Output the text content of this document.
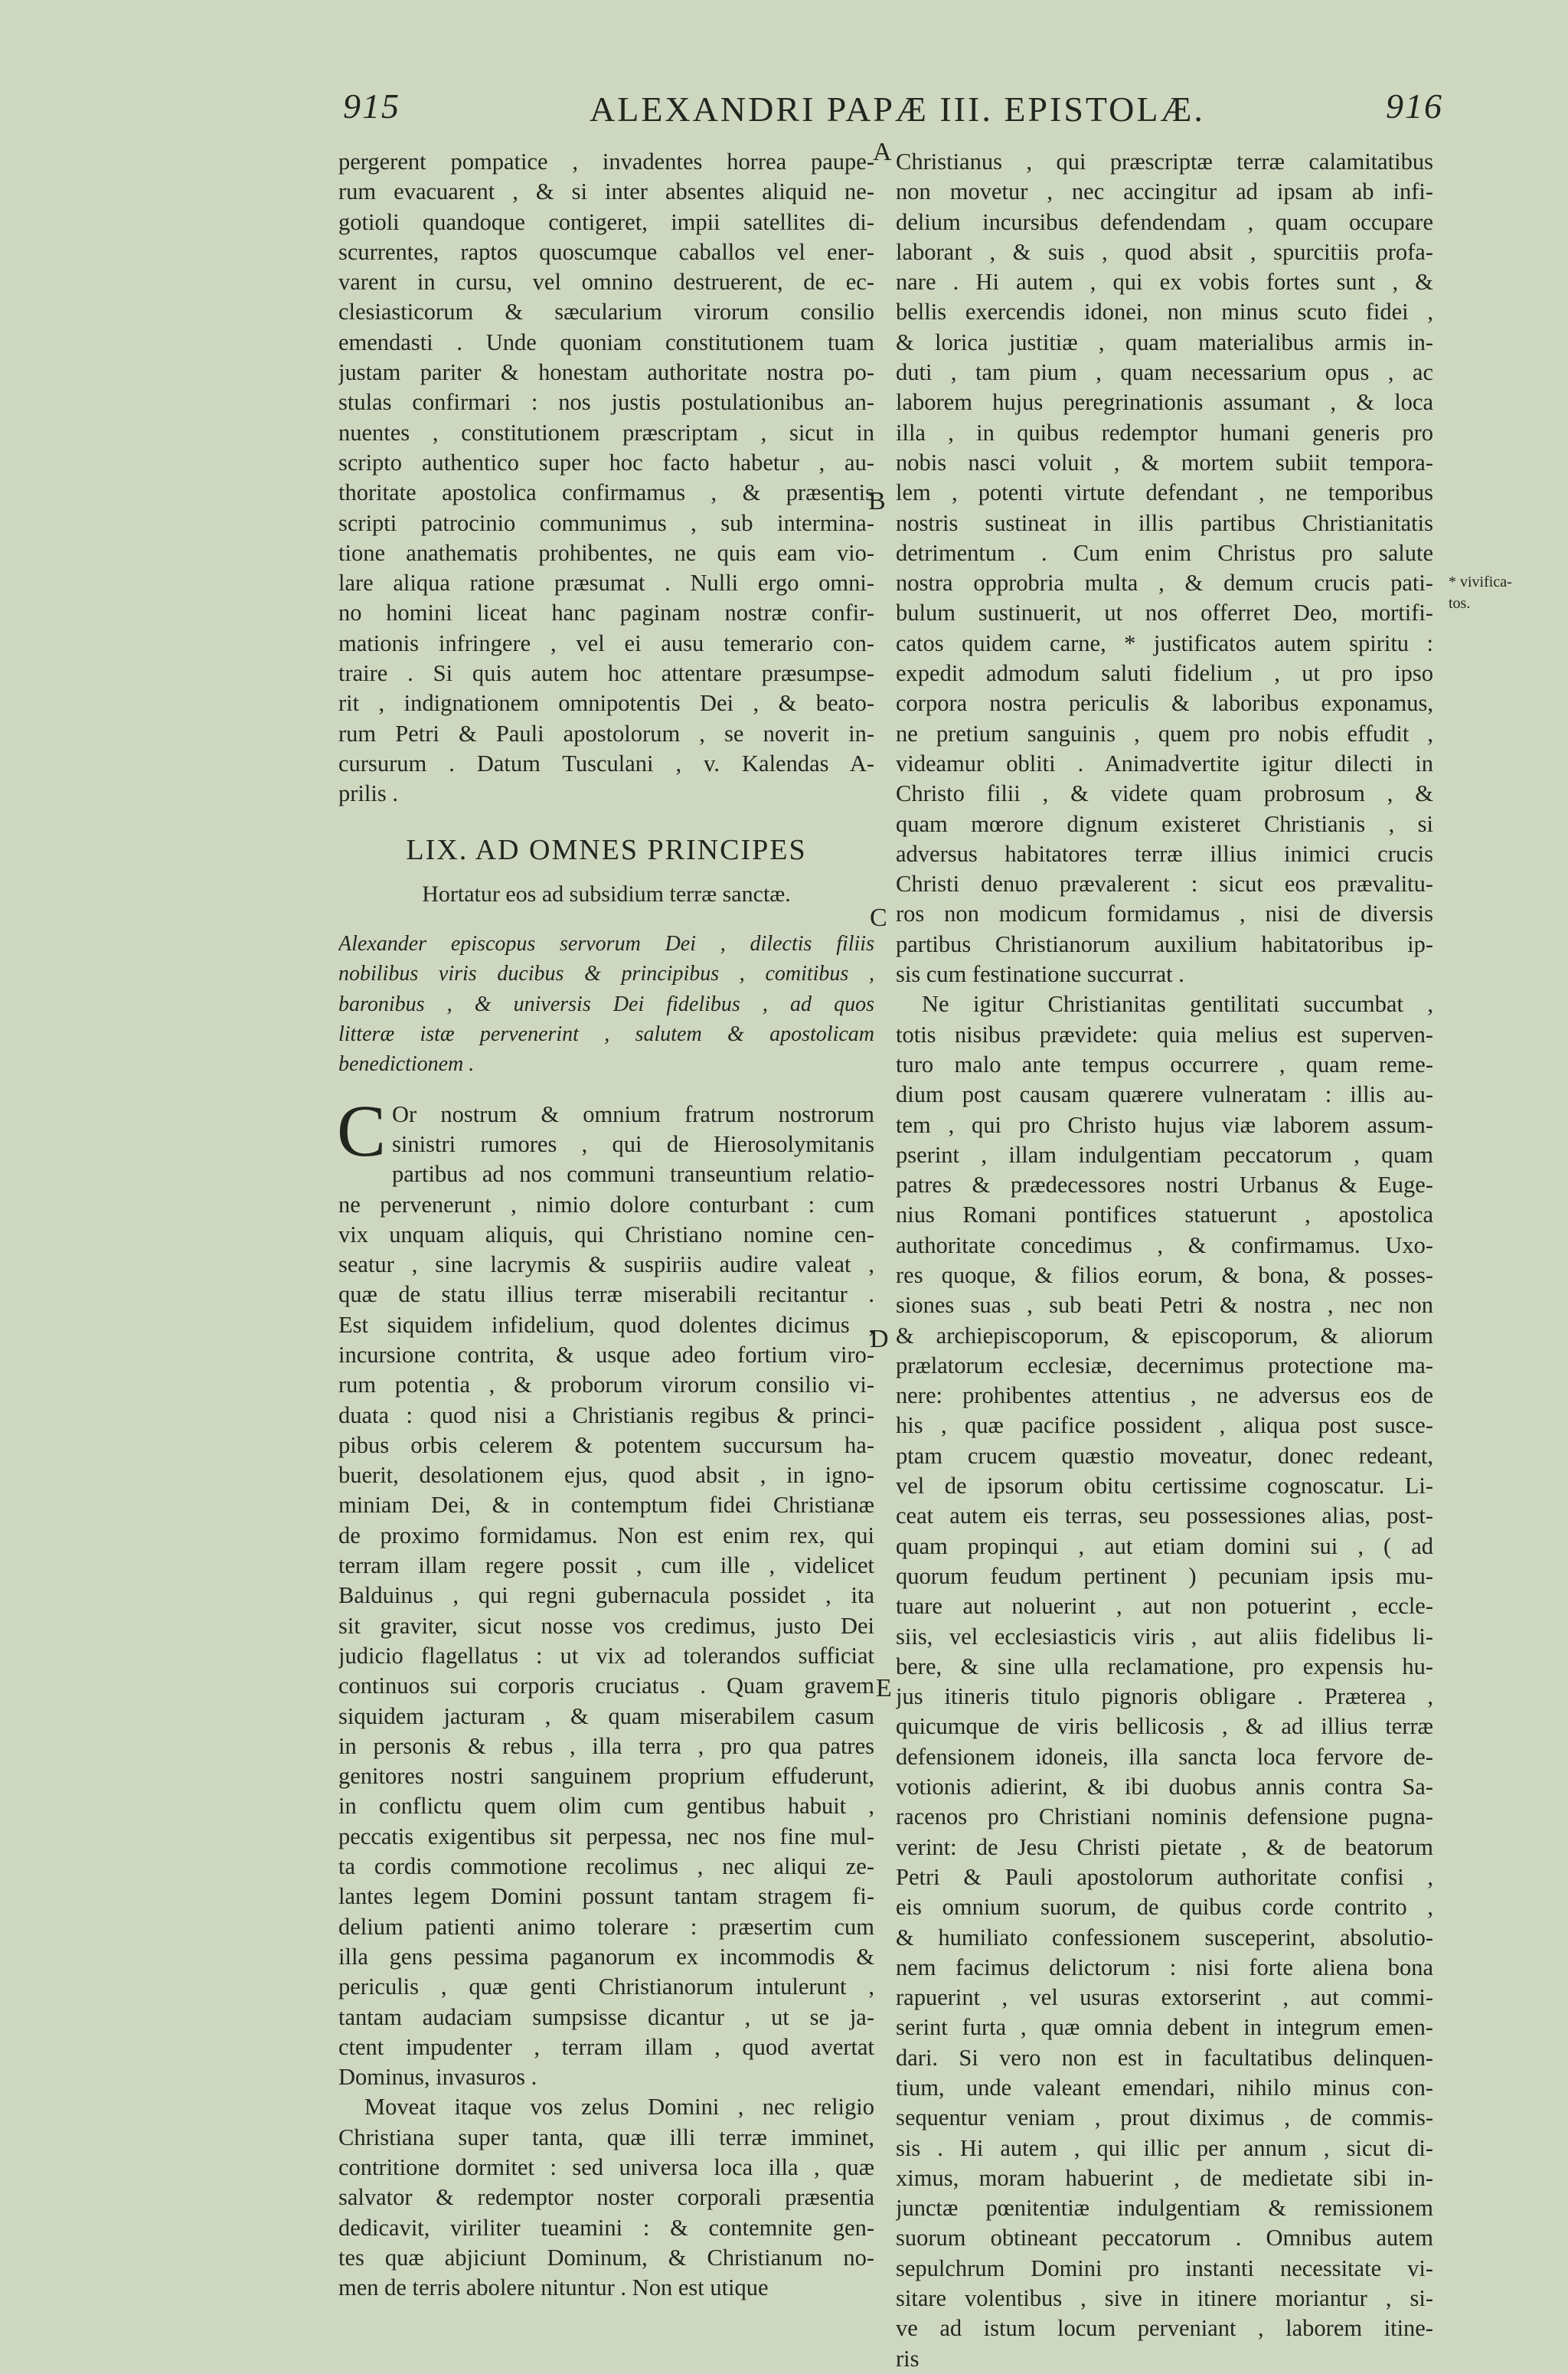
915	ALEXANDRI PAPÆ III. EPISTOLÆ.	916
A
B
C
D
E
* vivifica-
tos.
pergerent pompatice , invadentes horrea paupe-
rum evacuarent , & si inter absentes aliquid ne-
gotioli quandoque contigeret, impii satellites di-
scurrentes, raptos quoscumque caballos vel ener-
varent in cursu, vel omnino destruerent, de ec-
clesiasticorum & sæcularium virorum consilio
emendasti . Unde quoniam constitutionem tuam
justam pariter & honestam authoritate nostra po-
stulas confirmari : nos justis postulationibus an-
nuentes , constitutionem præscriptam , sicut in
scripto authentico super hoc facto habetur , au-
thoritate apostolica confirmamus , & præsentis
scripti patrocinio communimus , sub intermina-
tione anathematis prohibentes, ne quis eam vio-
lare aliqua ratione præsumat . Nulli ergo omni-
no homini liceat hanc paginam nostræ confir-
mationis infringere , vel ei ausu temerario con-
traire . Si quis autem hoc attentare præsumpse-
rit , indignationem omnipotentis Dei , & beato-
rum Petri & Pauli apostolorum , se noverit in-
cursurum . Datum Tusculani , v. Kalendas A-
prilis .
LIX. AD OMNES PRINCIPES
Hortatur eos ad subsidium terræ sanctæ.
Alexander episcopus servorum Dei , dilectis filiis
nobilibus viris ducibus & principibus , comitibus ,
baronibus , & universis Dei fidelibus , ad quos
litteræ istæ pervenerint , salutem & apostolicam
benedictionem .
C Or nostrum & omnium fratrum nostrorum
sinistri rumores , qui de Hierosolymitanis
partibus ad nos communi transeuntium relatio-
ne pervenerunt , nimio dolore conturbant : cum
vix unquam aliquis, qui Christiano nomine cen-
seatur , sine lacrymis & suspiriis audire valeat ,
quæ de statu illius terræ miserabili recitantur .
Est siquidem infidelium, quod dolentes dicimus ,
incursione contrita, & usque adeo fortium viro-
rum potentia , & proborum virorum consilio vi-
duata : quod nisi a Christianis regibus & princi-
pibus orbis celerem & potentem succursum ha-
buerit, desolationem ejus, quod absit , in igno-
miniam Dei, & in contemptum fidei Christianæ
de proximo formidamus. Non est enim rex, qui
terram illam regere possit , cum ille , videlicet
Balduinus , qui regni gubernacula possidet , ita
sit graviter, sicut nosse vos credimus, justo Dei
judicio flagellatus : ut vix ad tolerandos sufficiat
continuos sui corporis cruciatus . Quam gravem
siquidem jacturam , & quam miserabilem casum
in personis & rebus , illa terra , pro qua patres
genitores nostri sanguinem proprium effuderunt,
in conflictu quem olim cum gentibus habuit ,
peccatis exigentibus sit perpessa, nec nos fine mul-
ta cordis commotione recolimus , nec aliqui ze-
lantes legem Domini possunt tantam stragem fi-
delium patienti animo tolerare : præsertim cum
illa gens pessima paganorum ex incommodis &
periculis , quæ genti Christianorum intulerunt ,
tantam audaciam sumpsisse dicantur , ut se ja-
ctent impudenter , terram illam , quod avertat
Dominus, invasuros .
Moveat itaque vos zelus Domini , nec religio
Christiana super tanta, quæ illi terræ imminet,
contritione dormitet : sed universa loca illa , quæ
salvator & redemptor noster corporali præsentia
dedicavit, viriliter tueamini : & contemnite gen-
tes quæ abjiciunt Dominum, & Christianum no-
men de terris abolere nituntur . Non est utique
Christianus , qui præscriptæ terræ calamitatibus
non movetur , nec accingitur ad ipsam ab infi-
delium incursibus defendendam , quam occupare
laborant , & suis , quod absit , spurcitiis profa-
nare . Hi autem , qui ex vobis fortes sunt , &
bellis exercendis idonei, non minus scuto fidei ,
& lorica justitiæ , quam materialibus armis in-
duti , tam pium , quam necessarium opus , ac
laborem hujus peregrinationis assumant , & loca
illa , in quibus redemptor humani generis pro
nobis nasci voluit , & mortem subiit tempora-
lem , potenti virtute defendant , ne temporibus
nostris sustineat in illis partibus Christianitatis
detrimentum . Cum enim Christus pro salute
nostra opprobria multa , & demum crucis pati-
bulum sustinuerit, ut nos offerret Deo, mortifi-
catos quidem carne, * justificatos autem spiritu :
expedit admodum saluti fidelium , ut pro ipso
corpora nostra periculis & laboribus exponamus,
ne pretium sanguinis , quem pro nobis effudit ,
videamur obliti . Animadvertite igitur dilecti in
Christo filii , & videte quam probrosum , &
quam mœrore dignum existeret Christianis , si
adversus habitatores terræ illius inimici crucis
Christi denuo prævalerent : sicut eos prævalitu-
ros non modicum formidamus , nisi de diversis
partibus Christianorum auxilium habitatoribus ip-
sis cum festinatione succurrat .
Ne igitur Christianitas gentilitati succumbat ,
totis nisibus prævidete: quia melius est superven-
turo malo ante tempus occurrere , quam reme-
dium post causam quærere vulneratam : illis au-
tem , qui pro Christo hujus viæ laborem assum-
pserint , illam indulgentiam peccatorum , quam
patres & prædecessores nostri Urbanus & Euge-
nius Romani pontifices statuerunt , apostolica
authoritate concedimus , & confirmamus. Uxo-
res quoque, & filios eorum, & bona, & posses-
siones suas , sub beati Petri & nostra , nec non
& archiepiscoporum, & episcoporum, & aliorum
prælatorum ecclesiæ, decernimus protectione ma-
nere: prohibentes attentius , ne adversus eos de
his , quæ pacifice possident , aliqua post susce-
ptam crucem quæstio moveatur, donec redeant,
vel de ipsorum obitu certissime cognoscatur. Li-
ceat autem eis terras, seu possessiones alias, post-
quam propinqui , aut etiam domini sui , ( ad
quorum feudum pertinent ) pecuniam ipsis mu-
tuare aut noluerint , aut non potuerint , eccle-
siis, vel ecclesiasticis viris , aut aliis fidelibus li-
bere, & sine ulla reclamatione, pro expensis hu-
jus itineris titulo pignoris obligare . Præterea ,
quicumque de viris bellicosis , & ad illius terræ
defensionem idoneis, illa sancta loca fervore de-
votionis adierint, & ibi duobus annis contra Sa-
racenos pro Christiani nominis defensione pugna-
verint: de Jesu Christi pietate , & de beatorum
Petri & Pauli apostolorum authoritate confisi ,
eis omnium suorum, de quibus corde contrito ,
& humiliato confessionem susceperint, absolutio-
nem facimus delictorum : nisi forte aliena bona
rapuerint , vel usuras extorserint , aut commi-
serint furta , quæ omnia debent in integrum emen-
dari. Si vero non est in facultatibus delinquen-
tium, unde valeant emendari, nihilo minus con-
sequentur veniam , prout diximus , de commis-
sis . Hi autem , qui illic per annum , sicut di-
ximus, moram habuerint , de medietate sibi in-
junctæ pœnitentiæ indulgentiam & remissionem
suorum obtineant peccatorum . Omnibus autem
sepulchrum Domini pro instanti necessitate vi-
sitare volentibus , sive in itinere moriantur , si-
ve ad istum locum perveniant , laborem itine-
ris
